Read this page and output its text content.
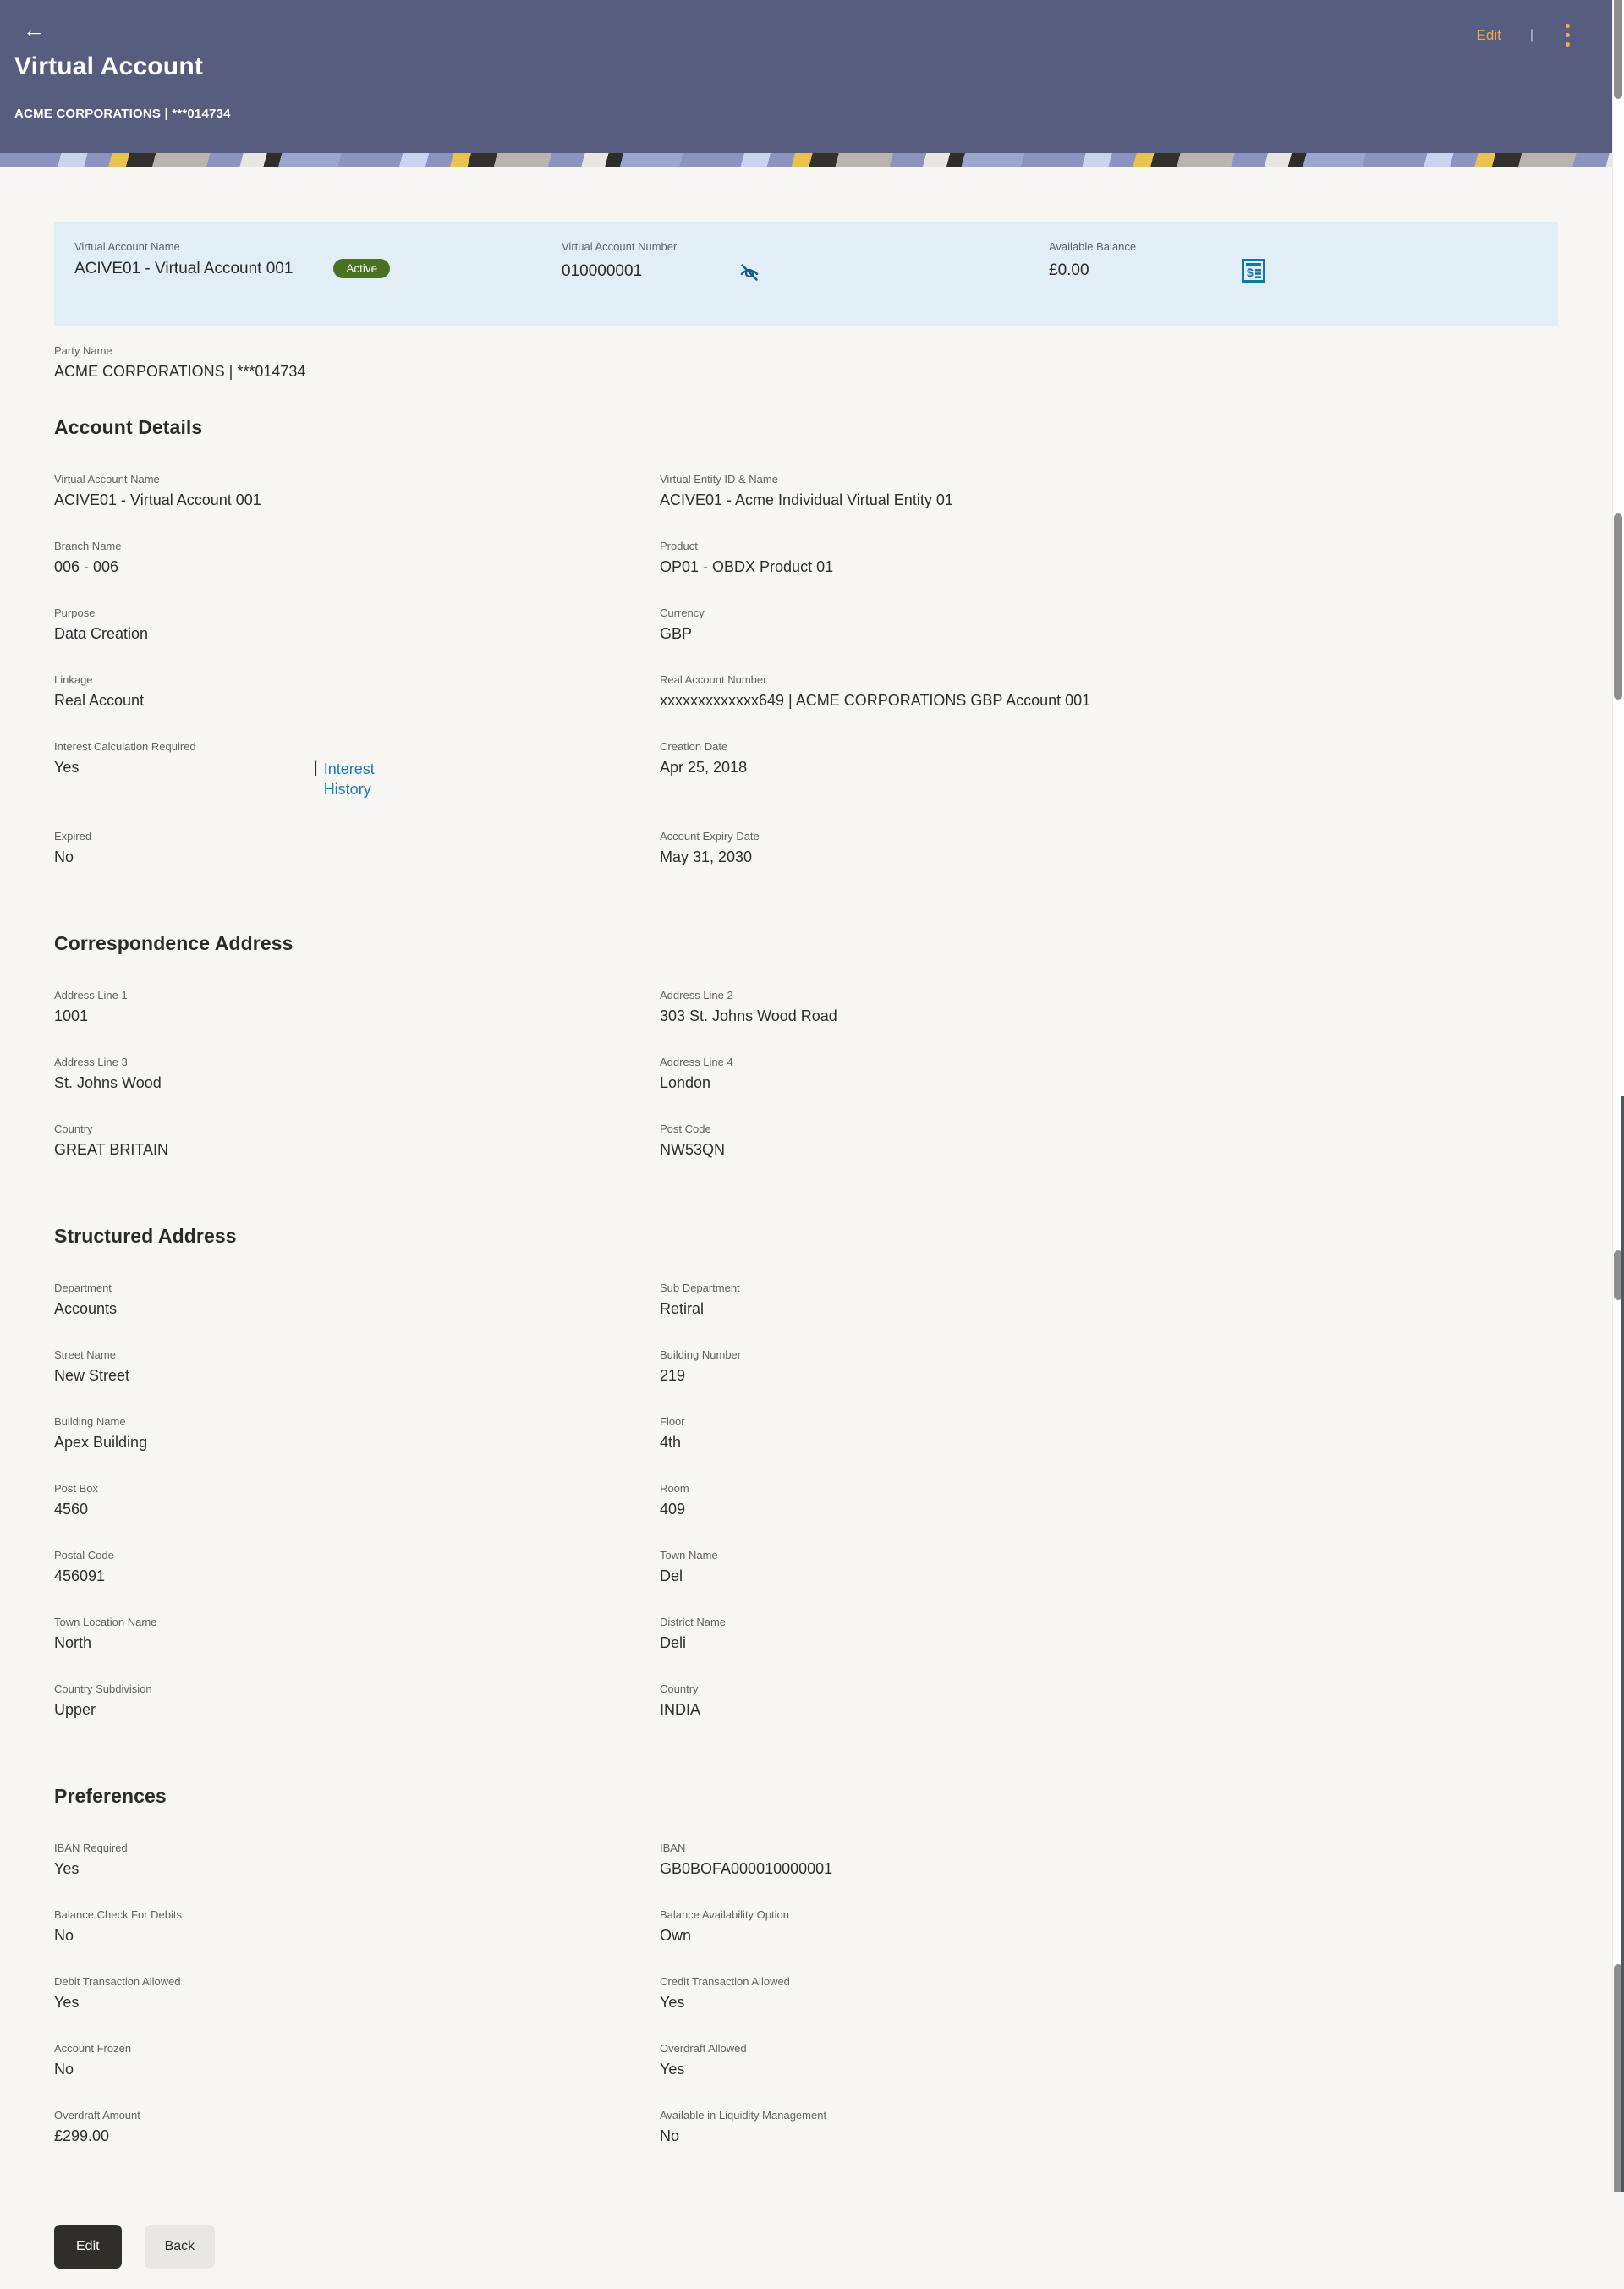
←
Virtual Account
ACME CORPORATIONS | ***014734
Edit |
Virtual Account Name
ACIVE01 - Virtual Account 001	Active
Virtual Account Number
010000001
Available Balance
£0.00	$
Party Name
ACME CORPORATIONS | ***014734
Account Details
Virtual Account Name
ACIVE01 - Virtual Account 001
Virtual Entity ID & Name
ACIVE01 - Acme Individual Virtual Entity 01
Branch Name
006 - 006
Product
OP01 - OBDX Product 01
Purpose
Data Creation
Currency
GBP
Linkage
Real Account
Real Account Number
xxxxxxxxxxxxx649 | ACME CORPORATIONS GBP Account 001
Interest Calculation Required
Yes	| Interest History
Creation Date
Apr 25, 2018
Expired
No
Account Expiry Date
May 31, 2030
Correspondence Address
Address Line 1
1001
Address Line 2
303 St. Johns Wood Road
Address Line 3
St. Johns Wood
Address Line 4
London
Country
GREAT BRITAIN
Post Code
NW53QN
Structured Address
Department
Accounts
Sub Department
Retiral
Street Name
New Street
Building Number
219
Building Name
Apex Building
Floor
4th
Post Box
4560
Room
409
Postal Code
456091
Town Name
Del
Town Location Name
North
District Name
Deli
Country Subdivision
Upper
Country
INDIA
Preferences
IBAN Required
Yes
IBAN
GB0BOFA000010000001
Balance Check For Debits
No
Balance Availability Option
Own
Debit Transaction Allowed
Yes
Credit Transaction Allowed
Yes
Account Frozen
No
Overdraft Allowed
Yes
Overdraft Amount
£299.00
Available in Liquidity Management
No
Edit	Back
